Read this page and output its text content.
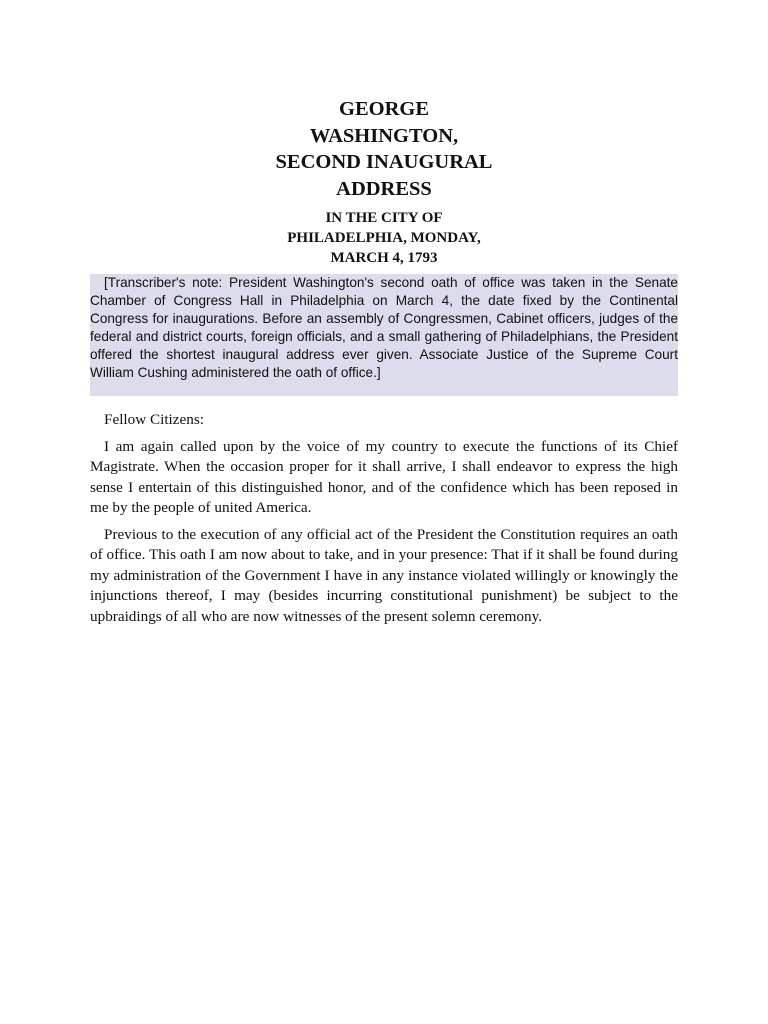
GEORGE
WASHINGTON,
SECOND INAUGURAL
ADDRESS
IN THE CITY OF
PHILADELPHIA, MONDAY,
MARCH 4, 1793
[Transcriber's note: President Washington's second oath of office was taken in the Senate Chamber of Congress Hall in Philadelphia on March 4, the date fixed by the Continental Congress for inaugurations. Before an assembly of Congressmen, Cabinet officers, judges of the federal and district courts, foreign officials, and a small gathering of Philadelphians, the President offered the shortest inaugural address ever given. Associate Justice of the Supreme Court William Cushing administered the oath of office.]

Fellow Citizens:

I am again called upon by the voice of my country to execute the functions of its Chief Magistrate. When the occasion proper for it shall arrive, I shall endeavor to express the high sense I entertain of this distinguished honor, and of the confidence which has been reposed in me by the people of united America.

Previous to the execution of any official act of the President the Constitution requires an oath of office. This oath I am now about to take, and in your presence: That if it shall be found during my administration of the Government I have in any instance violated willingly or knowingly the injunctions thereof, I may (besides incurring constitutional punishment) be subject to the upbraidings of all who are now witnesses of the present solemn ceremony.
